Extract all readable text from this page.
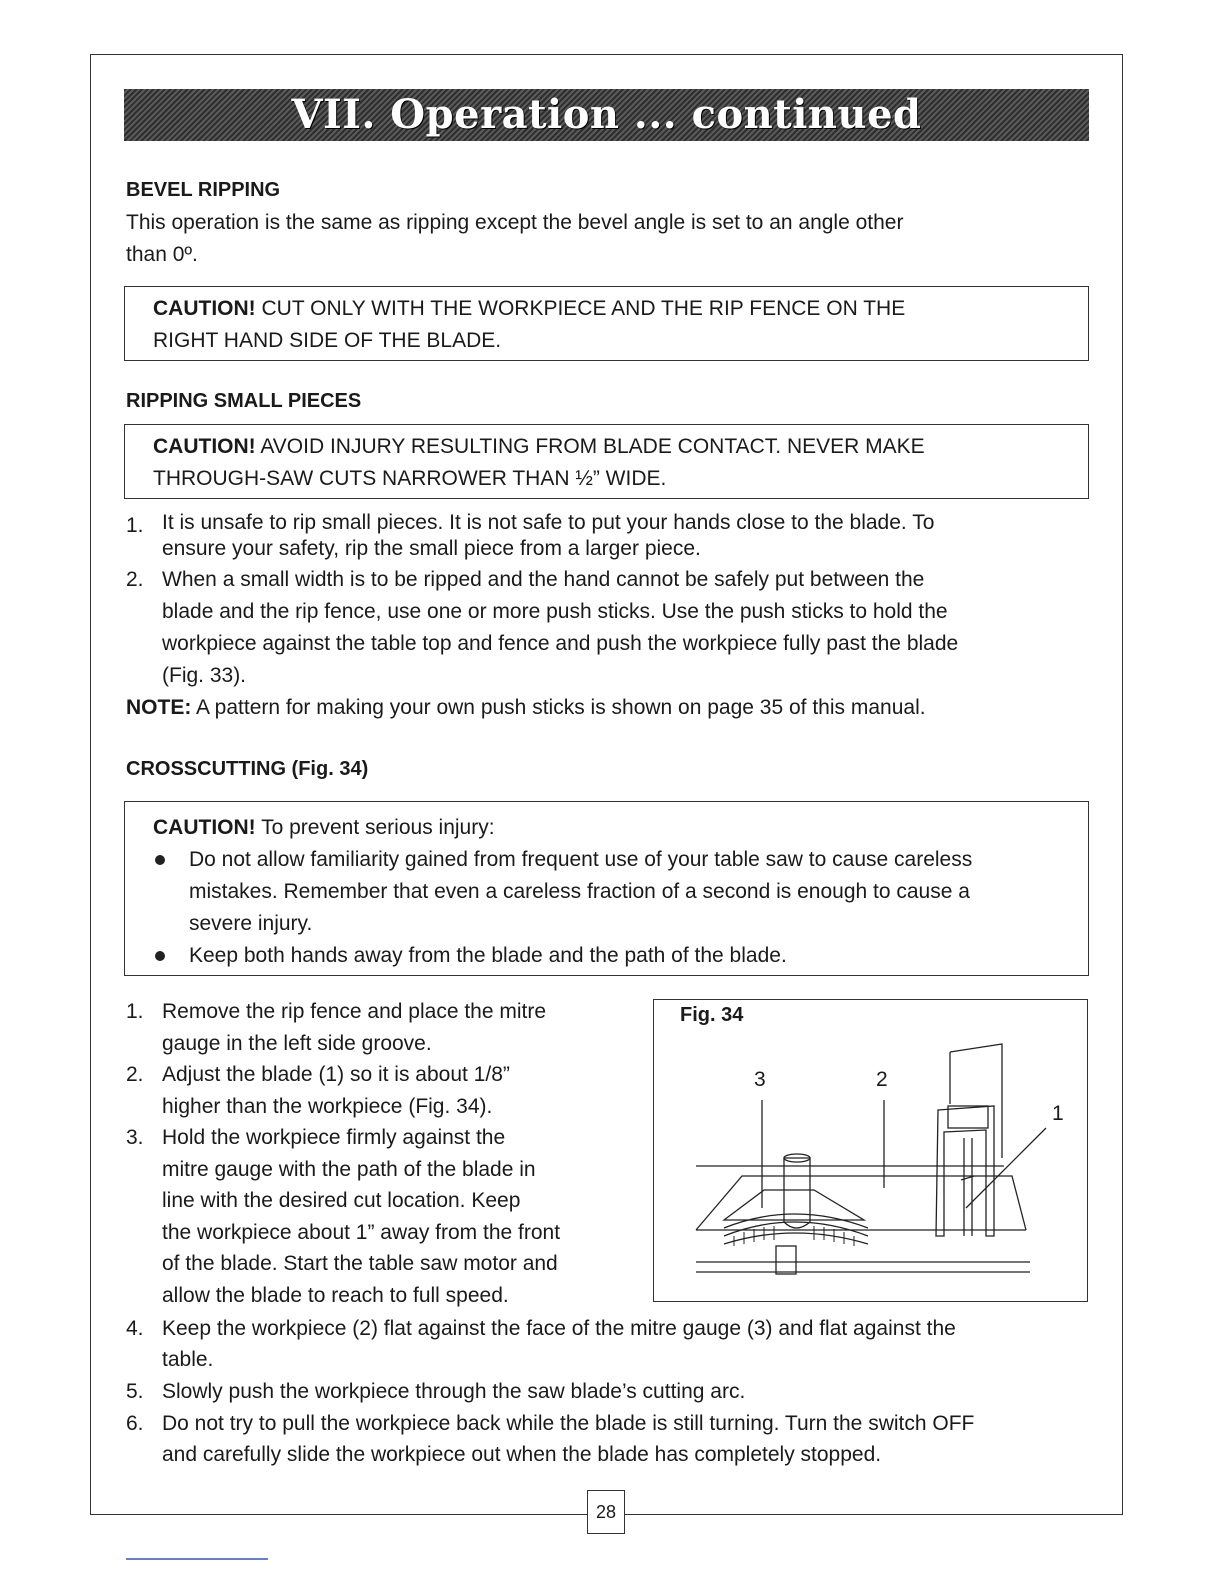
VII. Operation ... continued
BEVEL RIPPING
This operation is the same as ripping except the bevel angle is set to an angle other
than 0º.
CAUTION! CUT ONLY WITH THE WORKPIECE AND THE RIP FENCE ON THE
RIGHT HAND SIDE OF THE BLADE.
RIPPING SMALL PIECES
CAUTION! AVOID INJURY RESULTING FROM BLADE CONTACT. NEVER MAKE
THROUGH-SAW CUTS NARROWER THAN ½” WIDE.
1. It is unsafe to rip small pieces. It is not safe to put your hands close to the blade. To
ensure your safety, rip the small piece from a larger piece.
2. When a small width is to be ripped and the hand cannot be safely put between the
blade and the rip fence, use one or more push sticks. Use the push sticks to hold the
workpiece against the table top and fence and push the workpiece fully past the blade
(Fig. 33).
NOTE: A pattern for making your own push sticks is shown on page 35 of this manual.
CROSSCUTTING (Fig. 34)
CAUTION! To prevent serious injury:
Do not allow familiarity gained from frequent use of your table saw to cause careless
mistakes. Remember that even a careless fraction of a second is enough to cause a
severe injury.
Keep both hands away from the blade and the path of the blade.
1. Remove the rip fence and place the mitre
gauge in the left side groove.
2. Adjust the blade (1) so it is about 1/8”
higher than the workpiece (Fig. 34).
3. Hold the workpiece firmly against the
mitre gauge with the path of the blade in
line with the desired cut location. Keep
the workpiece about 1” away from the front
of the blade. Start the table saw motor and
allow the blade to reach to full speed.
Fig. 34
3	2
1
4. Keep the workpiece (2) flat against the face of the mitre gauge (3) and flat against the
table.
5. Slowly push the workpiece through the saw blade’s cutting arc.
6. Do not try to pull the workpiece back while the blade is still turning. Turn the switch OFF
and carefully slide the workpiece out when the blade has completely stopped.
28
